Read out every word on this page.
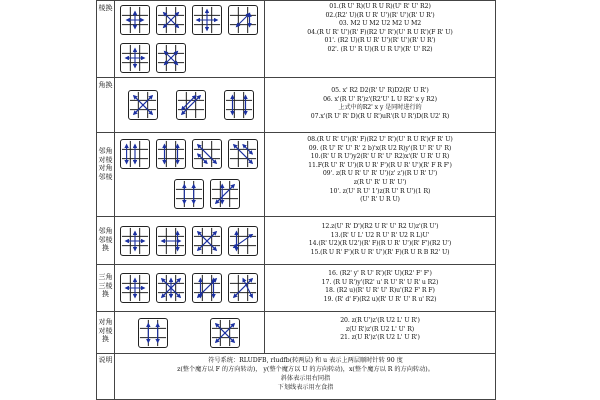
棱换	01.(R U' R)(U R U R)(U' R' U' R2)
02.(R2' U)(R U R' U')(R' U')(R' U R')
03. M2 U M2 U2 M2 U M2
04.(R U R' U')(R' F)(R2 U' R')(U' R U R')(F R' U)
01'. (R2 U)(R U R' U')(R' U')(R' U R')
02'. (R U' R U)(R U R U')(R' U' R2)
角换
05. x' R2 D2(R' U' R)D2(R' U R')
06. x'(R U' R')z'(R2'U' L U R2' x y R2)
上式中的R2' x y 是同时进行的
07.x'(R U' R' D)(R U R')uR'(R U R')D(R U2' R)
邻角
对棱
对角
邻棱
08.(R U R' U')(R' F)(R2 U' R')(U' R U R')(F R' U)
09. (R U' R' U' R' 2 b)'x(R U2 R)y'(R U' R' U' R)
10.(R' U R U')y2(R' U R' U' R2)x'(R' U R' U R)
11.F(R U' R' U')(R U R' F')(R U R' U')(R' F R F')
09'. z(R U R' U' R' U')(z' z')(R U R' U')
z(R U' R' U R' U')
10'. z(U' R U' 1')z(R U' R U')(1 R)
(U' R' U R U)
邻角
邻棱
换
12.z(U' R' D')(R2 U R' U' R2 U)z'(R U')
13.(R' U L' U2 R U' R' U2 R L)U'
14.(R' U2)(R U2')(R' F)(R U R' U')(R' F')(R2 U')
15.(R U R' F')(R U R' U')(R' F)(R U R B R2' U)
三角
三棱
换
16. (R2' y' R U' R')(R' U)(R2' F' F')
17. (R U R')y'(R2' u' R U' R' U R' u R2)
18. (R2 u)(R' U R' U' R)u'(R2 F' R F)
19. (R' d' F)(R2 u)(R' U R' U' R u' R2)
对角
对棱
换
20. z(R U')z'(R U2 L' U R')
z(U R')z'(R U2 L' U' R)
21. z(U R')z'(R U2 L' U R')
说明	符号系统：RLUDFB, rludfb(转两层) 和 u 表示上两层顺时针转 90 度
z(整个魔方以 F 的方向转动)， y(整个魔方以 U 的方向转动)，x(整个魔方以 R 的方向转动)。
斜体表示用右同指
下划线表示用左食指
